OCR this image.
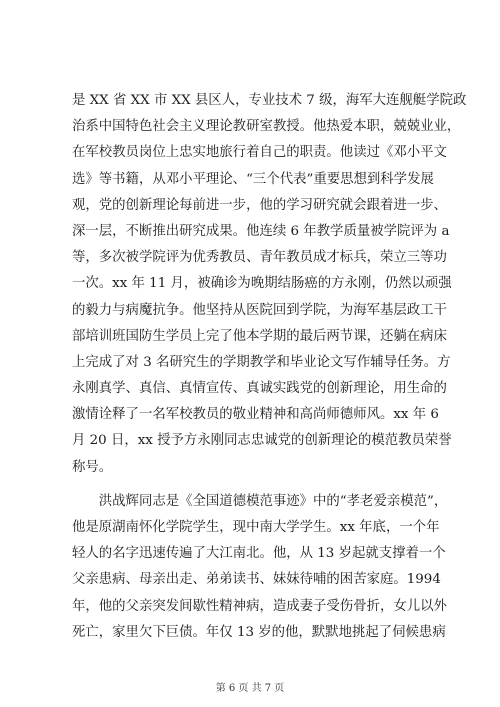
是 XX 省 XX 市 XX 县区人，专业技术 7 级，海军大连舰艇学院政
治系中国特色社会主义理论教研室教授。他热爱本职，兢兢业业，
在军校教员岗位上忠实地旅行着自己的职责。他读过《邓小平文
选》等书籍，从邓小平理论、“三个代表”重要思想到科学发展
观，党的创新理论每前进一步，他的学习研究就会跟着进一步、
深一层，不断推出研究成果。他连续 6 年教学质量被学院评为 a
等，多次被学院评为优秀教员、青年教员成才标兵，荣立三等功
一次。xx 年 11 月，被确诊为晚期结肠癌的方永刚，仍然以顽强
的毅力与病魔抗争。他坚持从医院回到学院，为海军基层政工干
部培训班国防生学员上完了他本学期的最后两节课，还躺在病床
上完成了对 3 名研究生的学期教学和毕业论文写作辅导任务。方
永刚真学、真信、真情宣传、真诚实践党的创新理论，用生命的
激情诠释了一名军校教员的敬业精神和高尚师德师风。xx 年 6
月 20 日，xx 授予方永刚同志忠诚党的创新理论的模范教员荣誉
称号。
　　洪战辉同志是《全国道德模范事迹》中的“孝老爱亲模范”，
他是原湖南怀化学院学生，现中南大学学生。xx 年底，一个年
轻人的名字迅速传遍了大江南北。他，从 13 岁起就支撑着一个
父亲患病、母亲出走、弟弟读书、妹妹待哺的困苦家庭。1994
年，他的父亲突发间歇性精神病，造成妻子受伤骨折，女儿以外
死亡，家里欠下巨债。年仅 13 岁的他，默默地挑起了伺候患病
第 6 页 共 7 页
